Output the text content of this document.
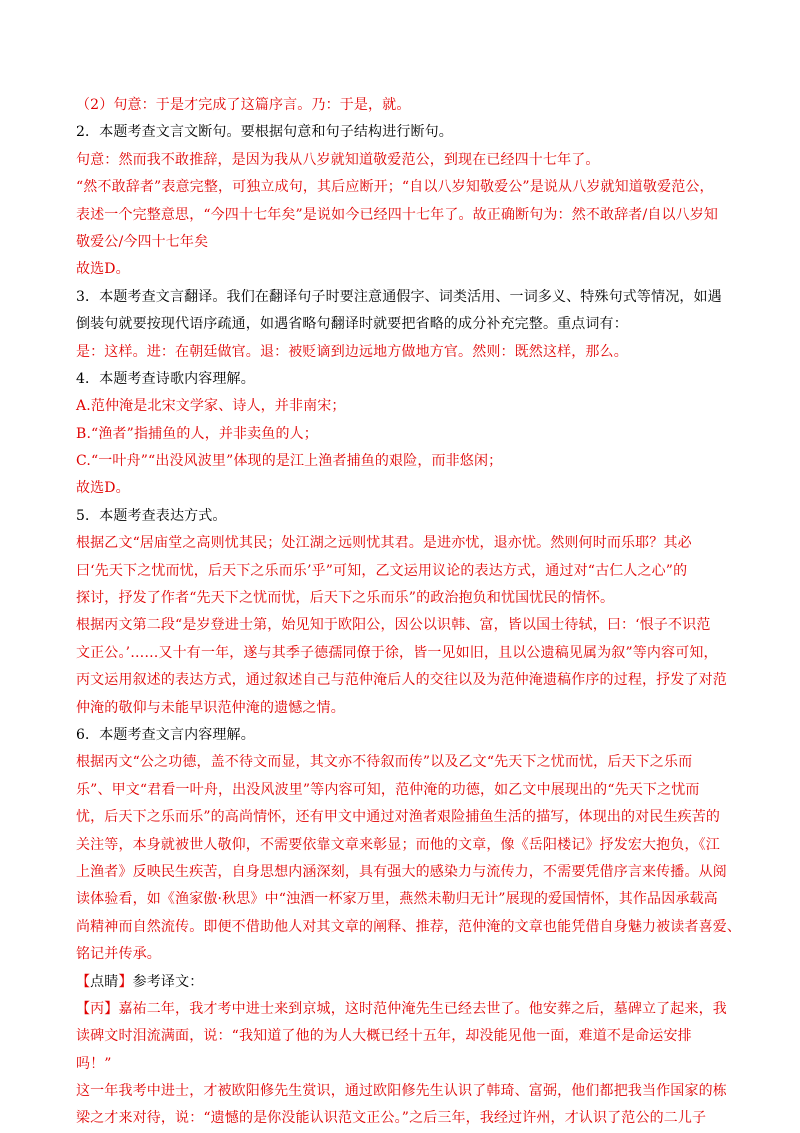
（2）句意：于是才完成了这篇序言。乃：于是，就。
2．本题考查文言文断句。要根据句意和句子结构进行断句。
句意：然而我不敢推辞，是因为我从八岁就知道敬爱范公，到现在已经四十七年了。
“然不敢辞者”表意完整，可独立成句，其后应断开；“自以八岁知敬爱公”是说从八岁就知道敬爱范公，
表述一个完整意思，“今四十七年矣”是说如今已经四十七年了。故正确断句为：然不敢辞者/自以八岁知
敬爱公/今四十七年矣
故选D。
3．本题考查文言翻译。我们在翻译句子时要注意通假字、词类活用、一词多义、特殊句式等情况，如遇
倒装句就要按现代语序疏通，如遇省略句翻译时就要把省略的成分补充完整。重点词有：
是：这样。进：在朝廷做官。退：被贬谪到边远地方做地方官。然则：既然这样，那么。
4．本题考查诗歌内容理解。
A.范仲淹是北宋文学家、诗人，并非南宋；
B.“渔者”指捕鱼的人，并非卖鱼的人；
C.“一叶舟”“出没风波里”体现的是江上渔者捕鱼的艰险，而非悠闲；
故选D。
5．本题考查表达方式。
根据乙文“居庙堂之高则忧其民；处江湖之远则忧其君。是进亦忧，退亦忧。然则何时而乐耶？其必
曰‘先天下之忧而忧，后天下之乐而乐’乎”可知，乙文运用议论的表达方式，通过对“古仁人之心”的
探讨，抒发了作者“先天下之忧而忧，后天下之乐而乐”的政治抱负和忧国忧民的情怀。
根据丙文第二段“是岁登进士第，始见知于欧阳公，因公以识韩、富，皆以国士待轼，曰：‘恨子不识范
文正公。’……又十有一年，遂与其季子德孺同僚于徐，皆一见如旧，且以公遗稿见属为叙”等内容可知，
丙文运用叙述的表达方式，通过叙述自己与范仲淹后人的交往以及为范仲淹遗稿作序的过程，抒发了对范
仲淹的敬仰与未能早识范仲淹的遗憾之情。
6．本题考查文言内容理解。
根据丙文“公之功德，盖不待文而显，其文亦不待叙而传”以及乙文“先天下之忧而忧，后天下之乐而
乐”、甲文“君看一叶舟，出没风波里”等内容可知，范仲淹的功德，如乙文中展现出的“先天下之忧而
忧，后天下之乐而乐”的高尚情怀，还有甲文中通过对渔者艰险捕鱼生活的描写，体现出的对民生疾苦的
关注等，本身就被世人敬仰，不需要依靠文章来彰显；而他的文章，像《岳阳楼记》抒发宏大抱负，《江
上渔者》反映民生疾苦，自身思想内涵深刻，具有强大的感染力与流传力，不需要凭借序言来传播。从阅
读体验看，如《渔家傲·秋思》中“浊酒一杯家万里，燕然未勒归无计”展现的爱国情怀，其作品因承载高
尚精神而自然流传。即便不借助他人对其文章的阐释、推荐，范仲淹的文章也能凭借自身魅力被读者喜爱、
铭记并传承。
【点睛】参考译文：
【丙】嘉祐二年，我才考中进士来到京城，这时范仲淹先生已经去世了。他安葬之后，墓碑立了起来，我
读碑文时泪流满面，说：“我知道了他的为人大概已经十五年，却没能见他一面，难道不是命运安排
吗！”
这一年我考中进士，才被欧阳修先生赏识，通过欧阳修先生认识了韩琦、富弼，他们都把我当作国家的栋
梁之才来对待，说：“遗憾的是你没能认识范文正公。”之后三年，我经过许州，才认识了范公的二儿子
